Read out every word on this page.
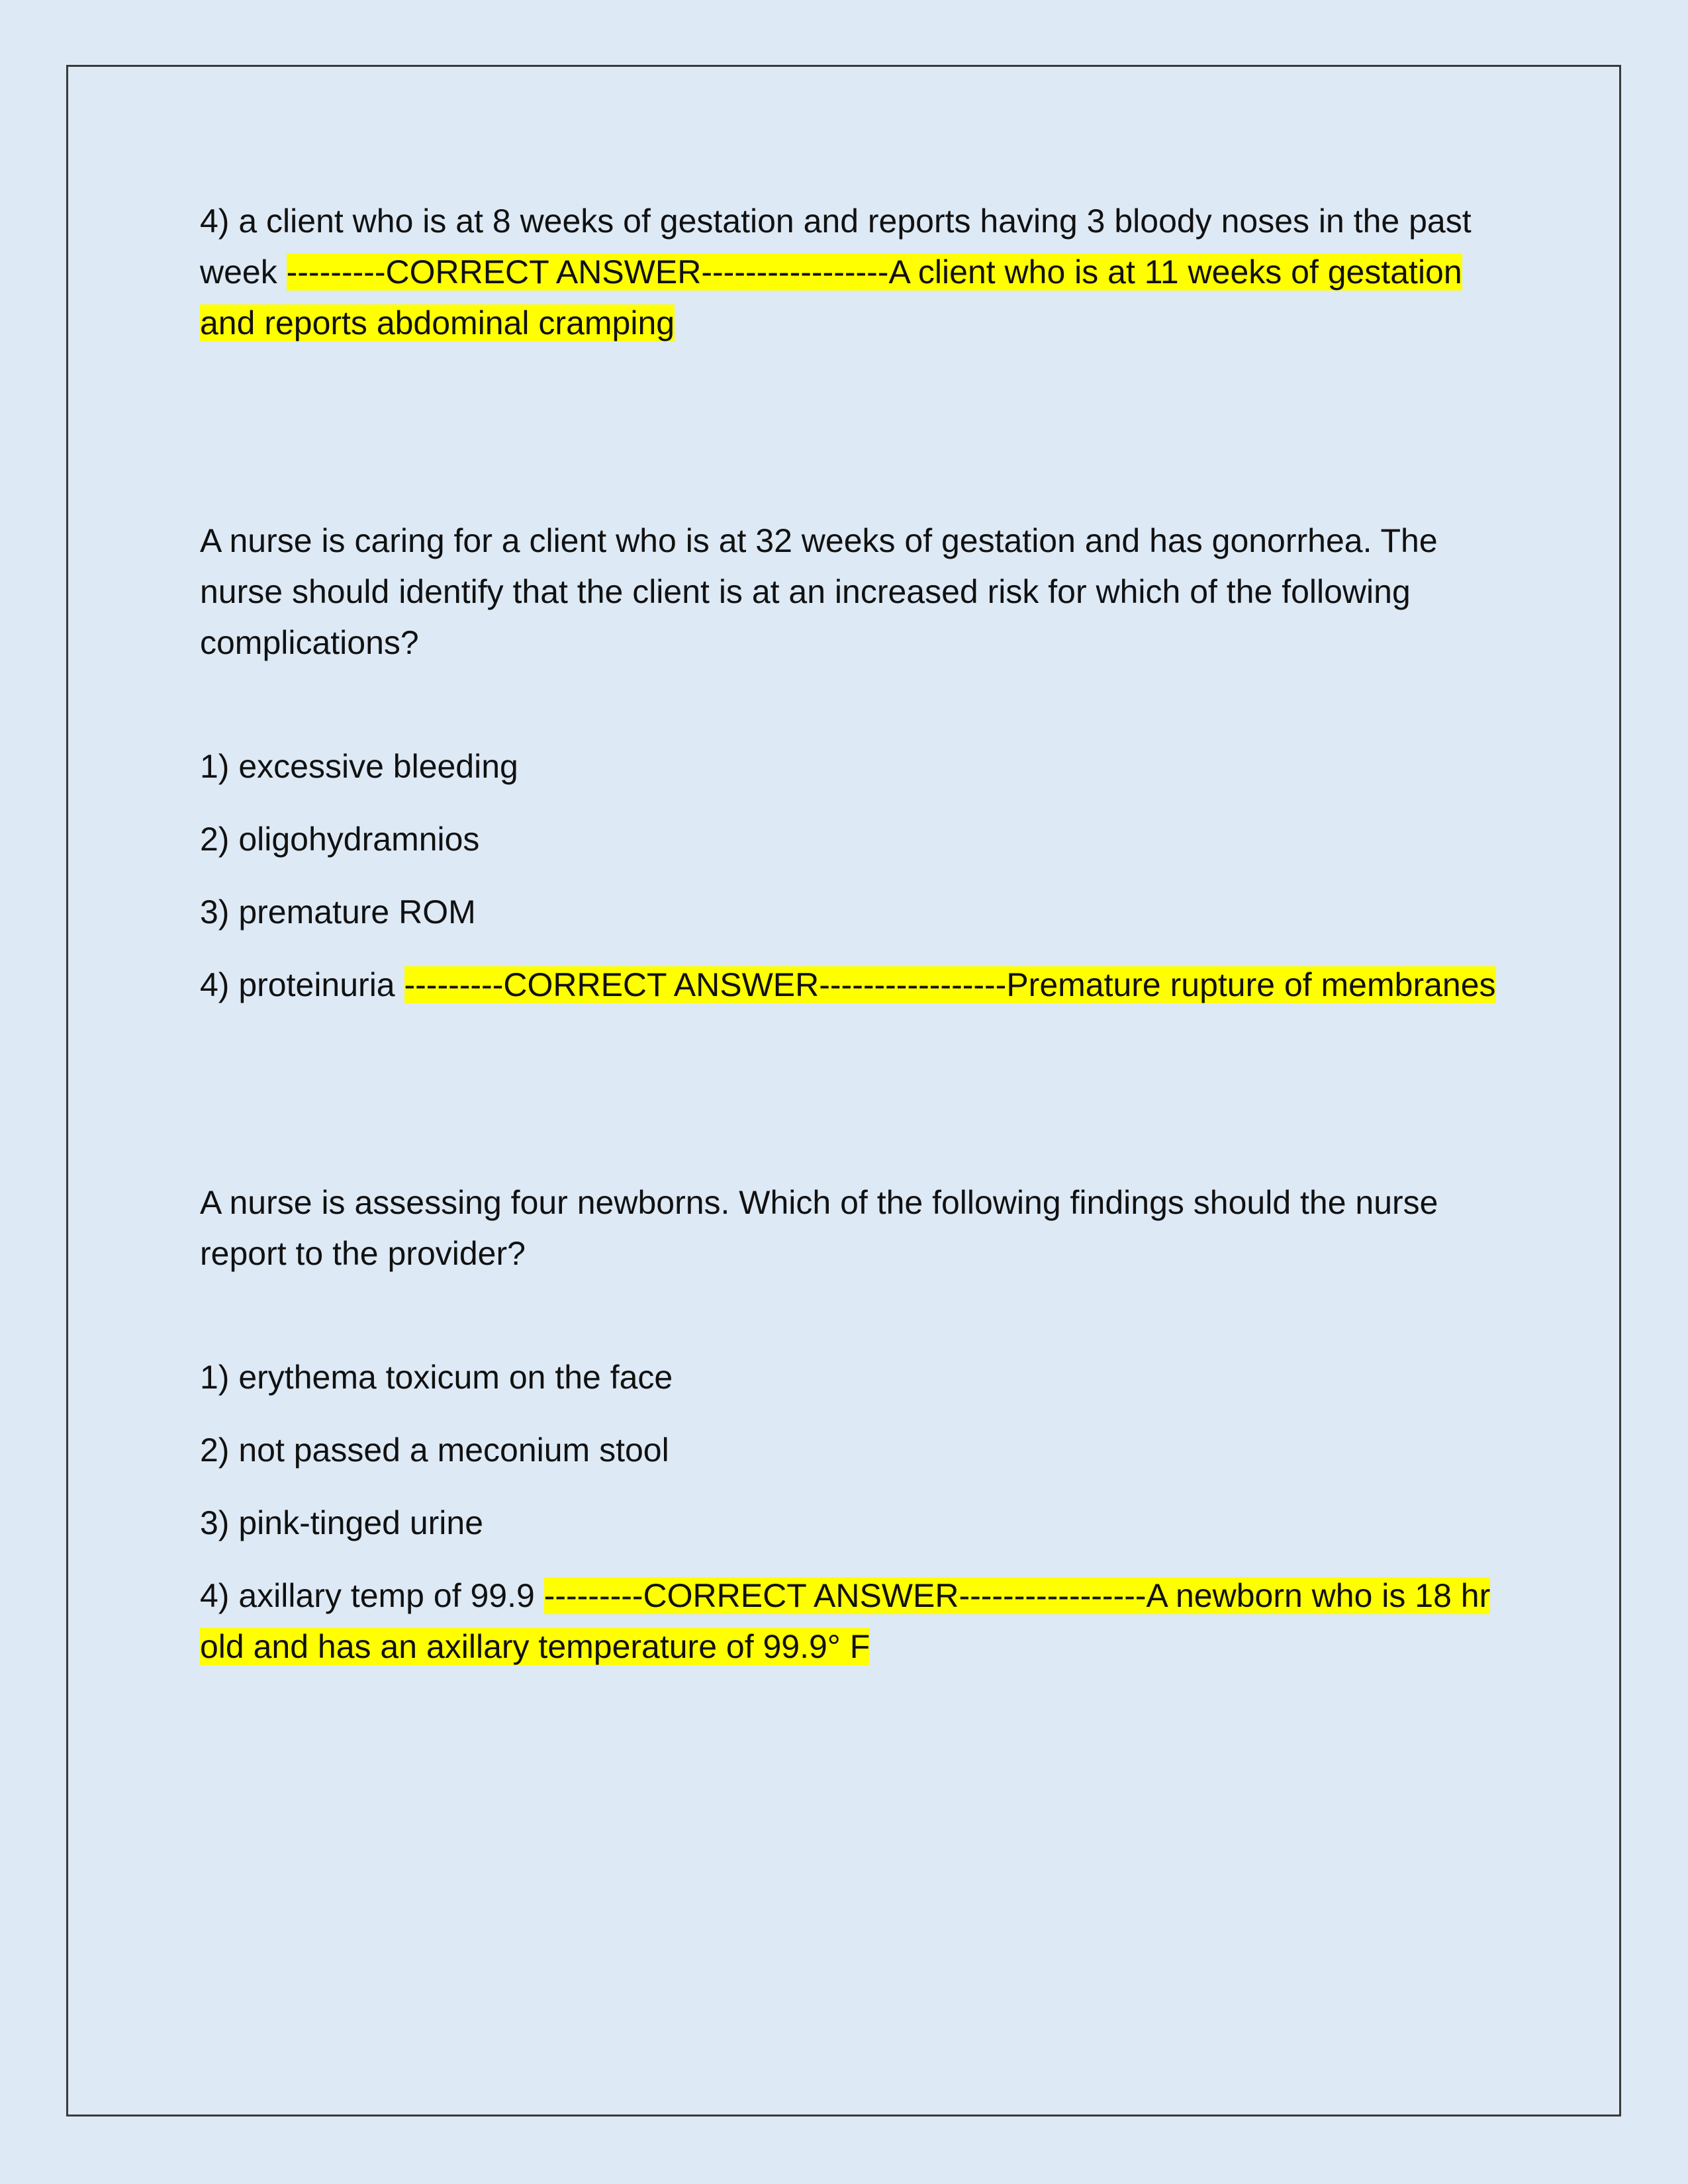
4) a client who is at 8 weeks of gestation and reports having 3 bloody noses in the past week ---------CORRECT ANSWER-----------------A client who is at 11 weeks of gestation and reports abdominal cramping

A nurse is caring for a client who is at 32 weeks of gestation and has gonorrhea. The nurse should identify that the client is at an increased risk for which of the following complications?

1) excessive bleeding

2) oligohydramnios

3) premature ROM

4) proteinuria ---------CORRECT ANSWER-----------------Premature rupture of membranes

A nurse is assessing four newborns. Which of the following findings should the nurse report to the provider?

1) erythema toxicum on the face

2) not passed a meconium stool

3) pink-tinged urine

4) axillary temp of 99.9 ---------CORRECT ANSWER-----------------A newborn who is 18 hr old and has an axillary temperature of 99.9° F
